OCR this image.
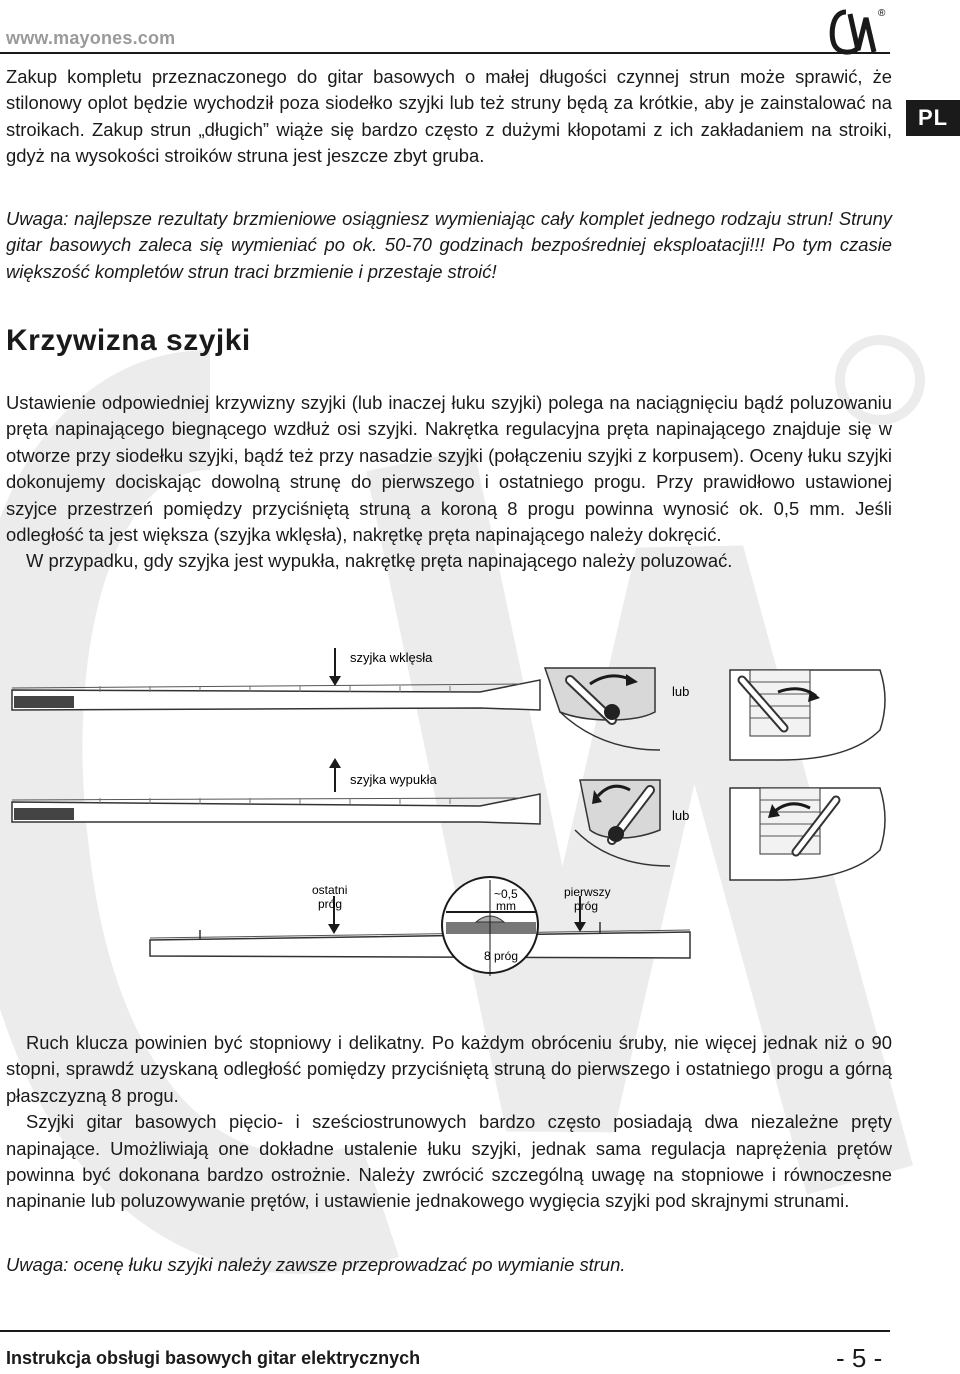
www.mayones.com
®
PL

Zakup kompletu przeznaczonego do gitar basowych o małej długości czynnej strun może sprawić, że stilonowy oplot będzie wychodził poza siodełko szyjki lub też struny będą za krótkie, aby je zainstalować na stroikach. Zakup strun „długich” wiąże się bardzo często z dużymi kłopotami z ich zakładaniem na stroiki, gdyż na wysokości stroików struna jest jeszcze zbyt gruba.

Uwaga: najlepsze rezultaty brzmieniowe osiągniesz wymieniając cały komplet jednego rodzaju strun! Struny gitar basowych zaleca się wymieniać po ok. 50-70 godzinach bezpośredniej eksploatacji!!! Po tym czasie większość kompletów strun traci brzmienie i przestaje stroić!

Ustawienie odpowiedniej krzywizny szyjki (lub inaczej łuku szyjki) polega na naciągnięciu bądź poluzowaniu pręta napinającego biegnącego wzdłuż osi szyjki. Nakrętka regulacyjna pręta napinającego znajduje się w otworze przy siodełku szyjki, bądź też przy nasadzie szyjki (połączeniu szyjki z korpusem). Oceny łuku szyjki dokonujemy dociskając dowolną strunę do pierwszego i ostatniego progu. Przy prawidłowo ustawionej szyjce przestrzeń pomiędzy przyciśniętą struną a koroną 8 progu powinna wynosić ok. 0,5 mm. Jeśli odległość ta jest większa (szyjka wklęsła), nakrętkę pręta napinającego należy dokręcić.

W przypadku, gdy szyjka jest wypukła, nakrętkę pręta napinającego należy poluzować.

Ruch klucza powinien być stopniowy i delikatny. Po każdym obróceniu śruby, nie więcej jednak niż o 90 stopni, sprawdź uzyskaną odległość pomiędzy przyciśniętą struną do pierwszego i ostatniego progu a górną płaszczyzną 8 progu.

Szyjki gitar basowych pięcio- i sześciostrunowych bardzo często posiadają dwa niezależne pręty napinające. Umożliwiają one dokładne ustalenie łuku szyjki, jednak sama regulacja naprężenia prętów powinna być dokonana bardzo ostrożnie. Należy zwrócić szczególną uwagę na stopniowe i równoczesne napinanie lub poluzowywanie prętów, i ustawienie jednakowego wygięcia szyjki pod skrajnymi strunami.

Uwaga: ocenę łuku szyjki należy zawsze przeprowadzać po wymianie strun.

Krzywizna szyjki
szyjka wklęsła
lub
szyjka wypukła
lub
ostatni
próg
pierwszy
próg
~0,5
mm
8 próg
Instrukcja obsługi basowych gitar elektrycznych	- 5 -
